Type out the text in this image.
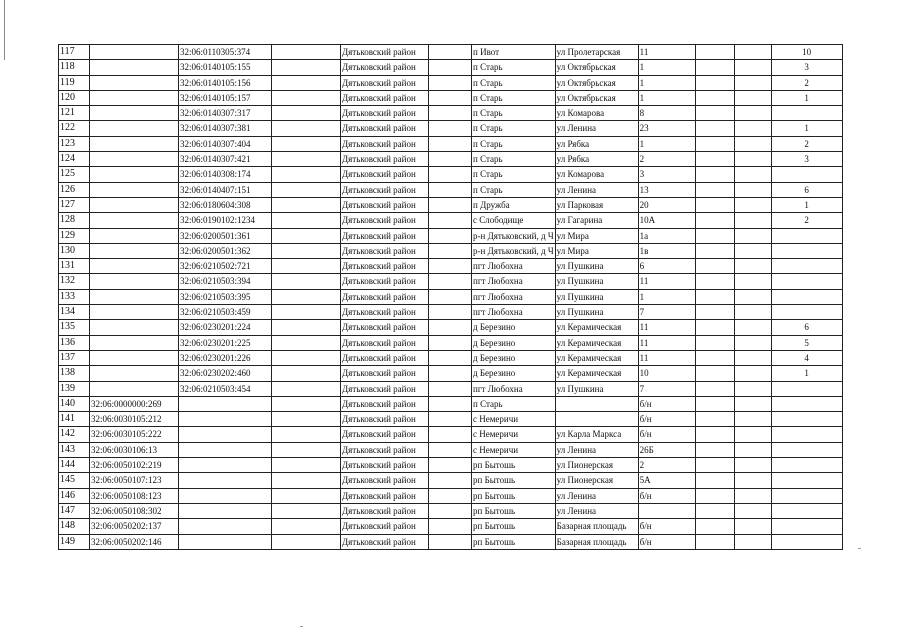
117		32:06:0110305:374		Дятьковский район		п Ивот	ул Пролетарская	11			10
118		32:06:0140105:155		Дятьковский район		п Старь	ул Октябрьская	1			3
119		32:06:0140105:156		Дятьковский район		п Старь	ул Октябрьская	1			2
120		32:06:0140105:157		Дятьковский район		п Старь	ул Октябрьская	1			1
121		32:06:0140307:317		Дятьковский район		п Старь	ул Комарова	8			
122		32:06:0140307:381		Дятьковский район		п Старь	ул Ленина	23			1
123		32:06:0140307:404		Дятьковский район		п Старь	ул Рябка	1			2
124		32:06:0140307:421		Дятьковский район		п Старь	ул Рябка	2			3
125		32:06:0140308:174		Дятьковский район		п Старь	ул Комарова	3			
126		32:06:0140407:151		Дятьковский район		п Старь	ул Ленина	13			6
127		32:06:0180604:308		Дятьковский район		п Дружба	ул Парковая	20			1
128		32:06:0190102:1234		Дятьковский район		с Слободище	ул Гагарина	10А			2
129		32:06:0200501:361		Дятьковский район		р-н Дятьковский, д Ч	ул Мира	1а			
130		32:06:0200501:362		Дятьковский район		р-н Дятьковский, д Ч	ул Мира	1в			
131		32:06:0210502:721		Дятьковский район		пгт Любохна	ул Пушкина	6			
132		32:06:0210503:394		Дятьковский район		пгт Любохна	ул Пушкина	11			
133		32:06:0210503:395		Дятьковский район		пгт Любохна	ул Пушкина	1			
134		32:06:0210503:459		Дятьковский район		пгт Любохна	ул Пушкина	7			
135		32:06:0230201:224		Дятьковский район		д Березино	ул Керамическая	11			6
136		32:06:0230201:225		Дятьковский район		д Березино	ул Керамическая	11			5
137		32:06:0230201:226		Дятьковский район		д Березино	ул Керамическая	11			4
138		32:06:0230202:460		Дятьковский район		д Березино	ул Керамическая	10			1
139		32:06:0210503:454		Дятьковский район		пгт Любохна	ул Пушкина	7			
140	32:06:0000000:269			Дятьковский район		п Старь		б/н			
141	32:06:0030105:212			Дятьковский район		с Немеричи		б/н			
142	32:06:0030105:222			Дятьковский район		с Немеричи	ул Карла Маркса	б/н			
143	32:06:0030106:13			Дятьковский район		с Немеричи	ул Ленина	26Б			
144	32:06:0050102:219			Дятьковский район		рп Бытошь	ул Пионерская	2			
145	32:06:0050107:123			Дятьковский район		рп Бытошь	ул Пионерская	5А			
146	32:06:0050108:123			Дятьковский район		рп Бытошь	ул Ленина	б/н			
147	32:06:0050108:302			Дятьковский район		рп Бытошь	ул Ленина				
148	32:06:0050202:137			Дятьковский район		рп Бытошь	Базарная площадь	б/н			
149	32:06:0050202:146			Дятьковский район		рп Бытошь	Базарная площадь	б/н			
